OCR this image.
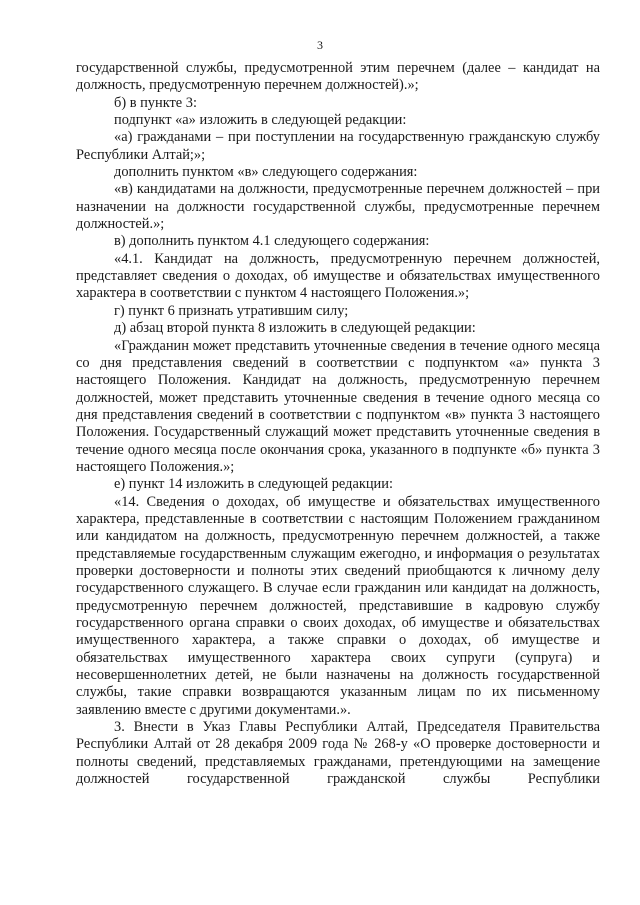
3

государственной службы, предусмотренной этим перечнем (далее – кандидат на должность, предусмотренную перечнем должностей).»;

б) в пункте 3:

подпункт «а» изложить в следующей редакции:

«а) гражданами – при поступлении на государственную гражданскую службу Республики Алтай;»;

дополнить пунктом «в» следующего содержания:

«в) кандидатами на должности, предусмотренные перечнем должностей – при назначении на должности государственной службы, предусмотренные перечнем должностей.»;

в) дополнить пунктом 4.1 следующего содержания:

«4.1. Кандидат на должность, предусмотренную перечнем должностей, представляет сведения о доходах, об имуществе и обязательствах имущественного характера в соответствии с пунктом 4 настоящего Положения.»;

г) пункт 6 признать утратившим силу;

д) абзац второй пункта 8 изложить в следующей редакции:

«Гражданин может представить уточненные сведения в течение одного месяца со дня представления сведений в соответствии с подпунктом «а» пункта 3 настоящего Положения. Кандидат на должность, предусмотренную перечнем должностей, может представить уточненные сведения в течение одного месяца со дня представления сведений в соответствии с подпунктом «в» пункта 3 настоящего Положения. Государственный служащий может представить уточненные сведения в течение одного месяца после окончания срока, указанного в подпункте «б» пункта 3 настоящего Положения.»;

е) пункт 14 изложить в следующей редакции:

«14. Сведения о доходах, об имуществе и обязательствах имущественного характера, представленные в соответствии с настоящим Положением гражданином или кандидатом на должность, предусмотренную перечнем должностей, а также представляемые государственным служащим ежегодно, и информация о результатах проверки достоверности и полноты этих сведений приобщаются к личному делу государственного служащего. В случае если гражданин или кандидат на должность, предусмотренную перечнем должностей, представившие в кадровую службу государственного органа справки о своих доходах, об имуществе и обязательствах имущественного характера, а также справки о доходах, об имуществе и обязательствах имущественного характера своих супруги (супруга) и несовершеннолетних детей, не были назначены на должность государственной службы, такие справки возвращаются указанным лицам по их письменному заявлению вместе с другими документами.».

3. Внести в Указ Главы Республики Алтай, Председателя Правительства Республики Алтай от 28 декабря 2009 года № 268-у «О проверке достоверности и полноты сведений, представляемых гражданами, претендующими на замещение должностей государственной гражданской службы Республики
